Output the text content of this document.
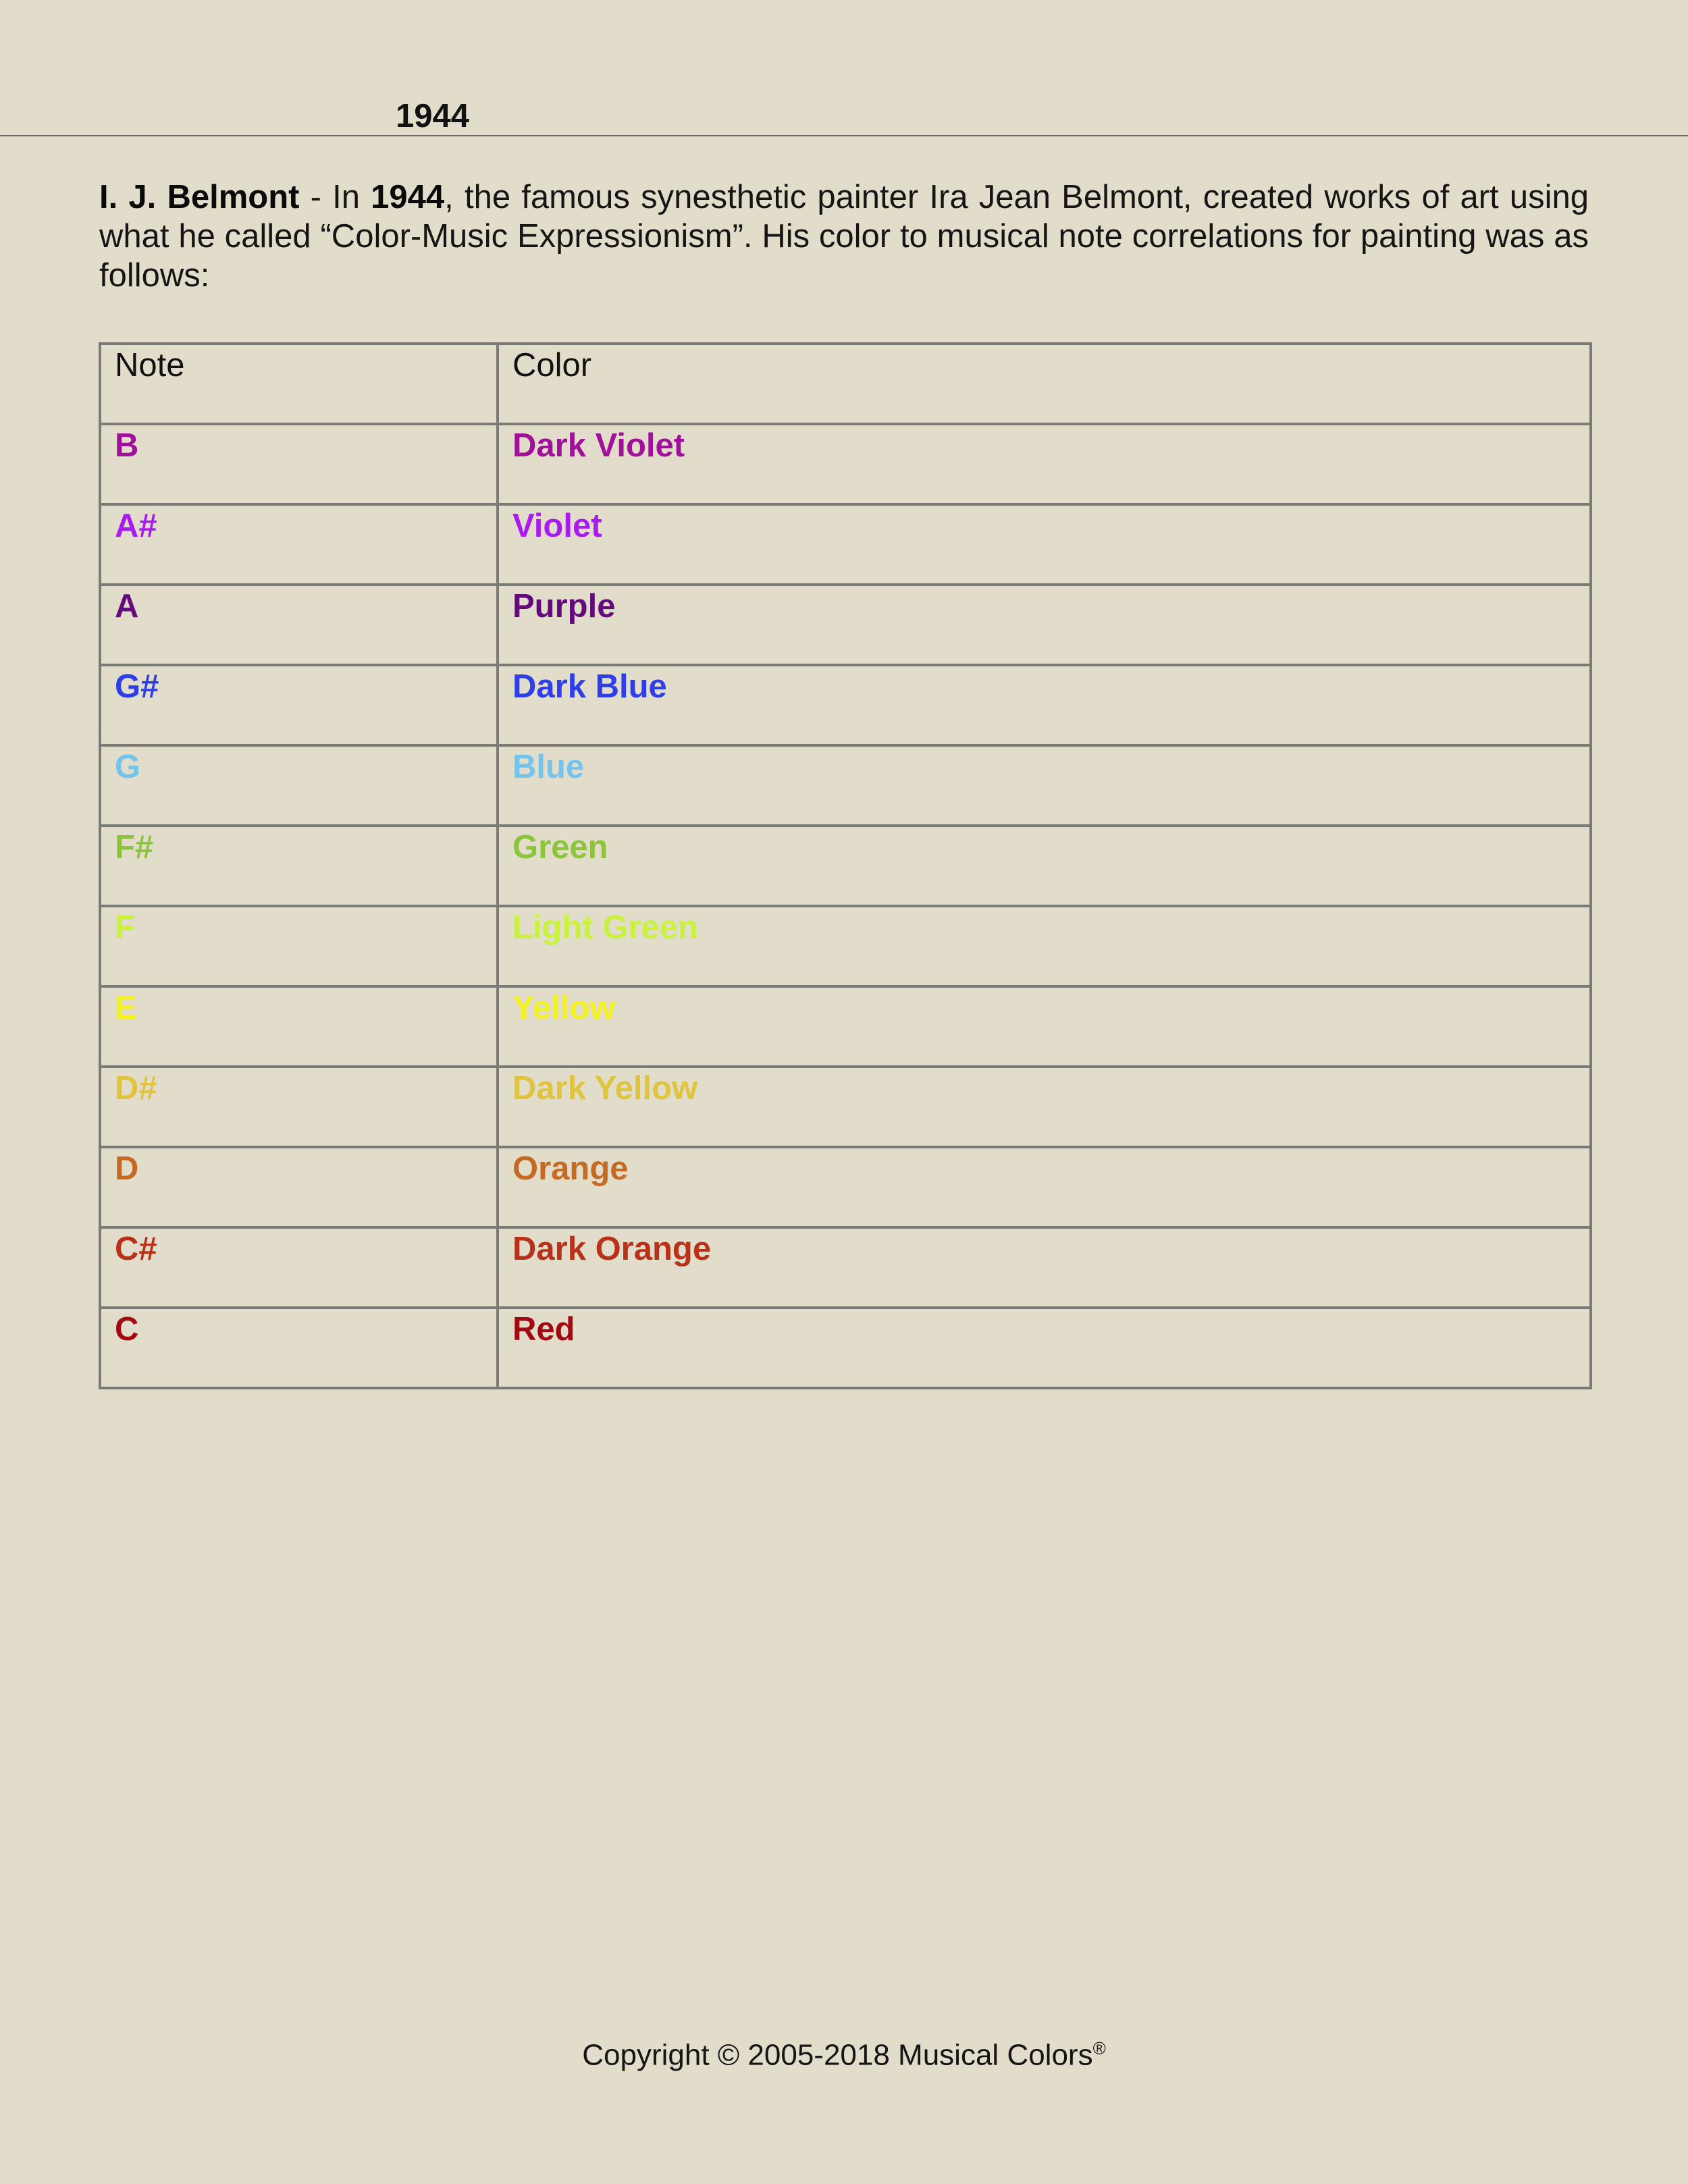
1944

I. J. Belmont - In 1944, the famous synesthetic painter Ira Jean Belmont, created works of art using what he called “Color-Music Expressionism”. His color to musical note correlations for painting was as follows:

Note	Color
B	Dark Violet
A#	Violet
A	Purple
G#	Dark Blue
G	Blue
F#	Green
F	Light Green
E	Yellow
D#	Dark Yellow
D	Orange
C#	Dark Orange
C	Red

Copyright © 2005-2018 Musical Colors®
